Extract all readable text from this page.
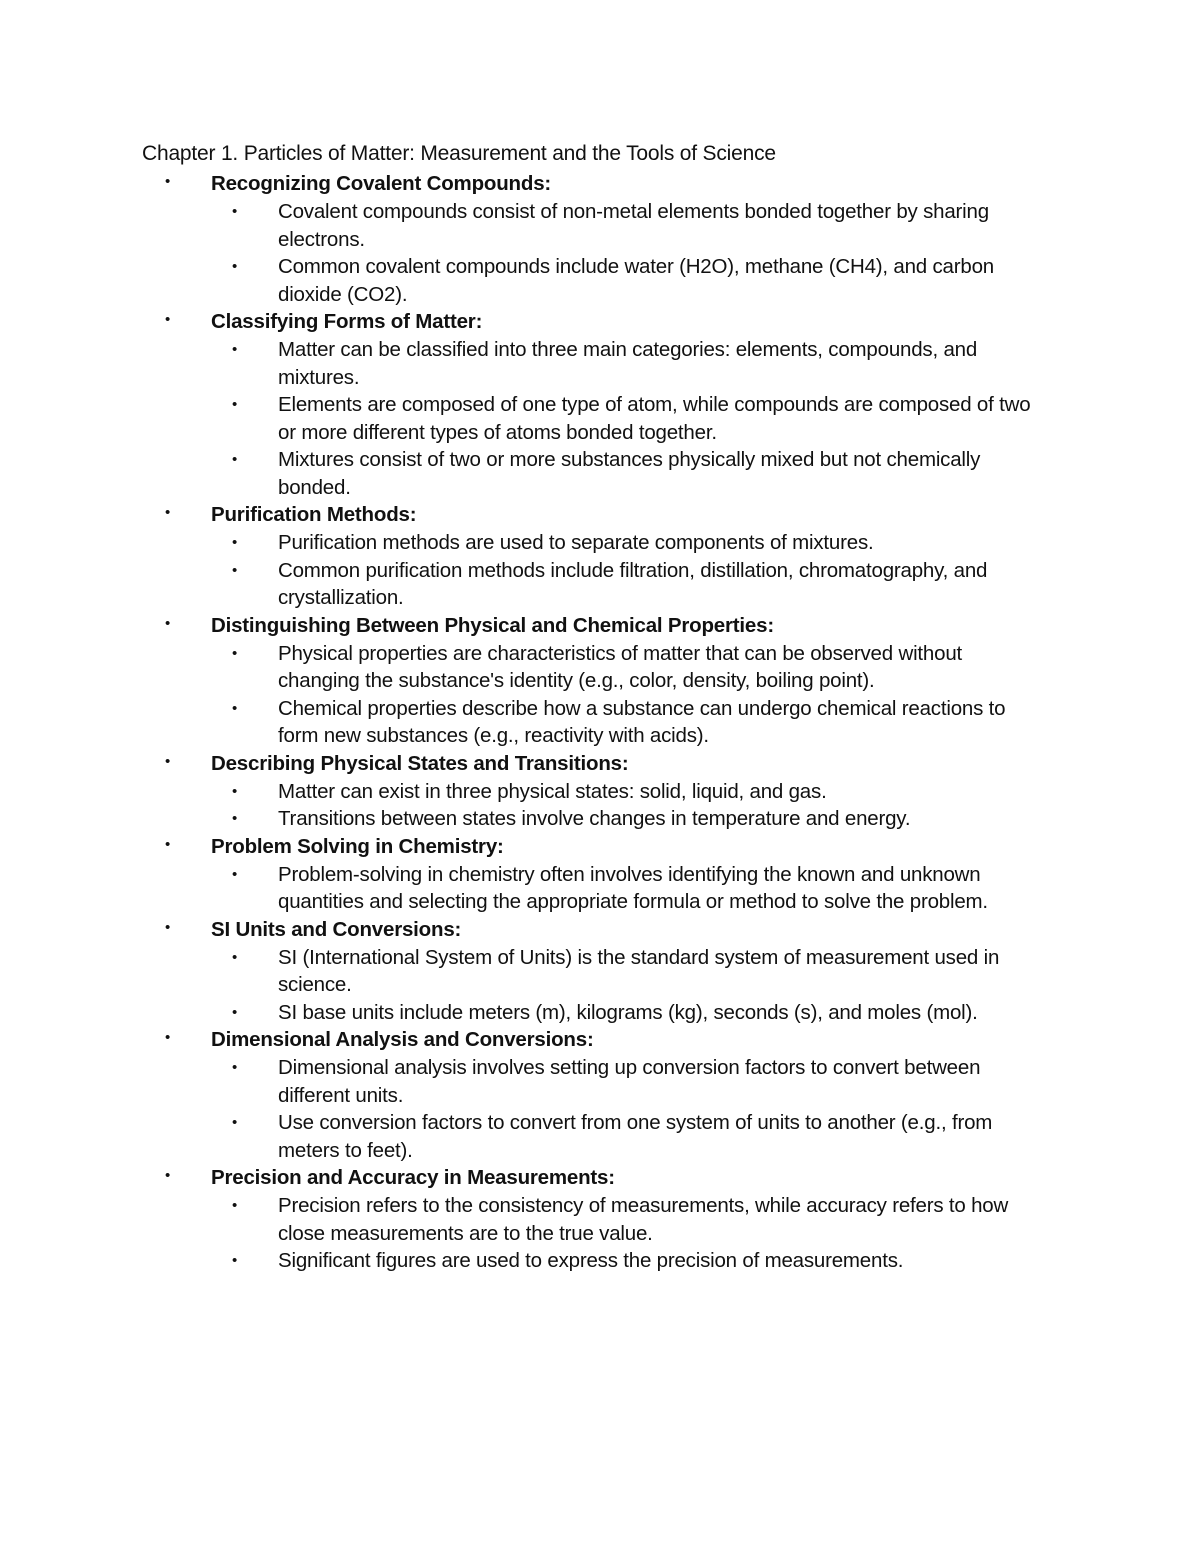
Chapter 1. Particles of Matter: Measurement and the Tools of Science
• Recognizing Covalent Compounds:
• Covalent compounds consist of non-metal elements bonded together by sharing electrons.
• Common covalent compounds include water (H2O), methane (CH4), and carbon dioxide (CO2).
• Classifying Forms of Matter:
• Matter can be classified into three main categories: elements, compounds, and mixtures.
• Elements are composed of one type of atom, while compounds are composed of two or more different types of atoms bonded together.
• Mixtures consist of two or more substances physically mixed but not chemically bonded.
• Purification Methods:
• Purification methods are used to separate components of mixtures.
• Common purification methods include filtration, distillation, chromatography, and crystallization.
• Distinguishing Between Physical and Chemical Properties:
• Physical properties are characteristics of matter that can be observed without changing the substance's identity (e.g., color, density, boiling point).
• Chemical properties describe how a substance can undergo chemical reactions to form new substances (e.g., reactivity with acids).
• Describing Physical States and Transitions:
• Matter can exist in three physical states: solid, liquid, and gas.
• Transitions between states involve changes in temperature and energy.
• Problem Solving in Chemistry:
• Problem-solving in chemistry often involves identifying the known and unknown quantities and selecting the appropriate formula or method to solve the problem.
• SI Units and Conversions:
• SI (International System of Units) is the standard system of measurement used in science.
• SI base units include meters (m), kilograms (kg), seconds (s), and moles (mol).
• Dimensional Analysis and Conversions:
• Dimensional analysis involves setting up conversion factors to convert between different units.
• Use conversion factors to convert from one system of units to another (e.g., from meters to feet).
• Precision and Accuracy in Measurements:
• Precision refers to the consistency of measurements, while accuracy refers to how close measurements are to the true value.
• Significant figures are used to express the precision of measurements.
